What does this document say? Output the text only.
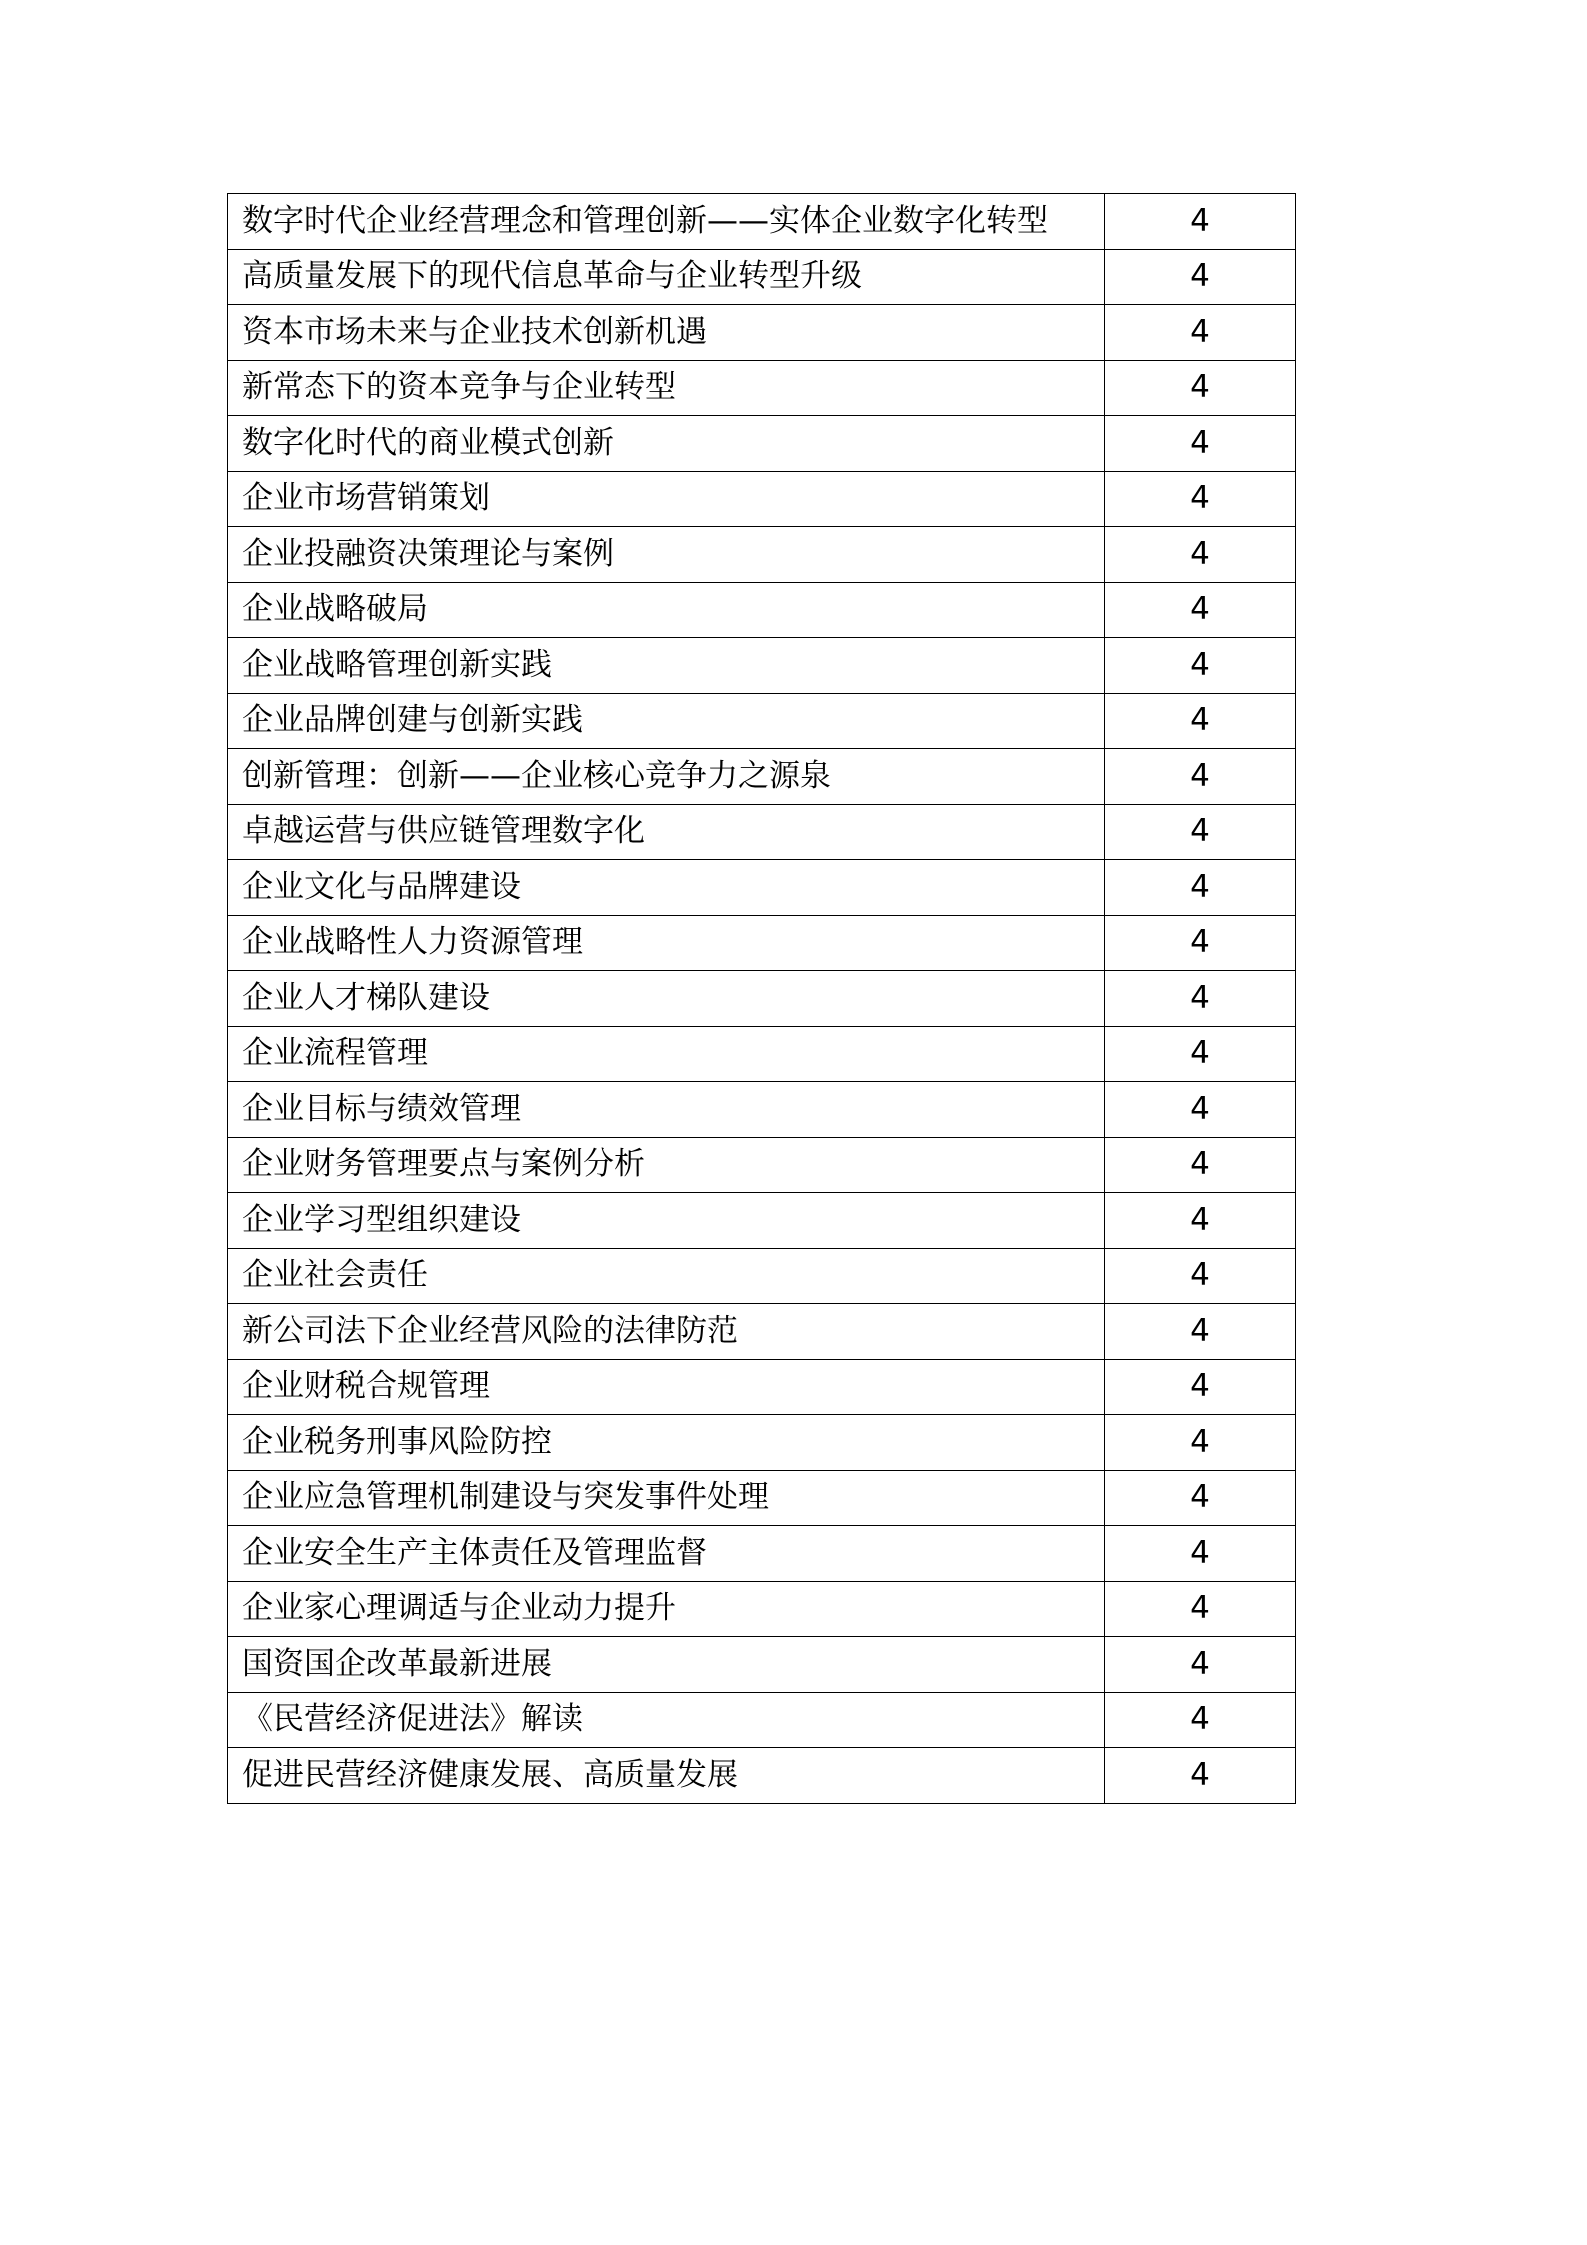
数字时代企业经营理念和管理创新——实体企业数字化转型	4
高质量发展下的现代信息革命与企业转型升级	4
资本市场未来与企业技术创新机遇	4
新常态下的资本竞争与企业转型	4
数字化时代的商业模式创新	4
企业市场营销策划	4
企业投融资决策理论与案例	4
企业战略破局	4
企业战略管理创新实践	4
企业品牌创建与创新实践	4
创新管理：创新——企业核心竞争力之源泉	4
卓越运营与供应链管理数字化	4
企业文化与品牌建设	4
企业战略性人力资源管理	4
企业人才梯队建设	4
企业流程管理	4
企业目标与绩效管理	4
企业财务管理要点与案例分析	4
企业学习型组织建设	4
企业社会责任	4
新公司法下企业经营风险的法律防范	4
企业财税合规管理	4
企业税务刑事风险防控	4
企业应急管理机制建设与突发事件处理	4
企业安全生产主体责任及管理监督	4
企业家心理调适与企业动力提升	4
国资国企改革最新进展	4
《民营经济促进法》解读	4
促进民营经济健康发展、高质量发展	4
